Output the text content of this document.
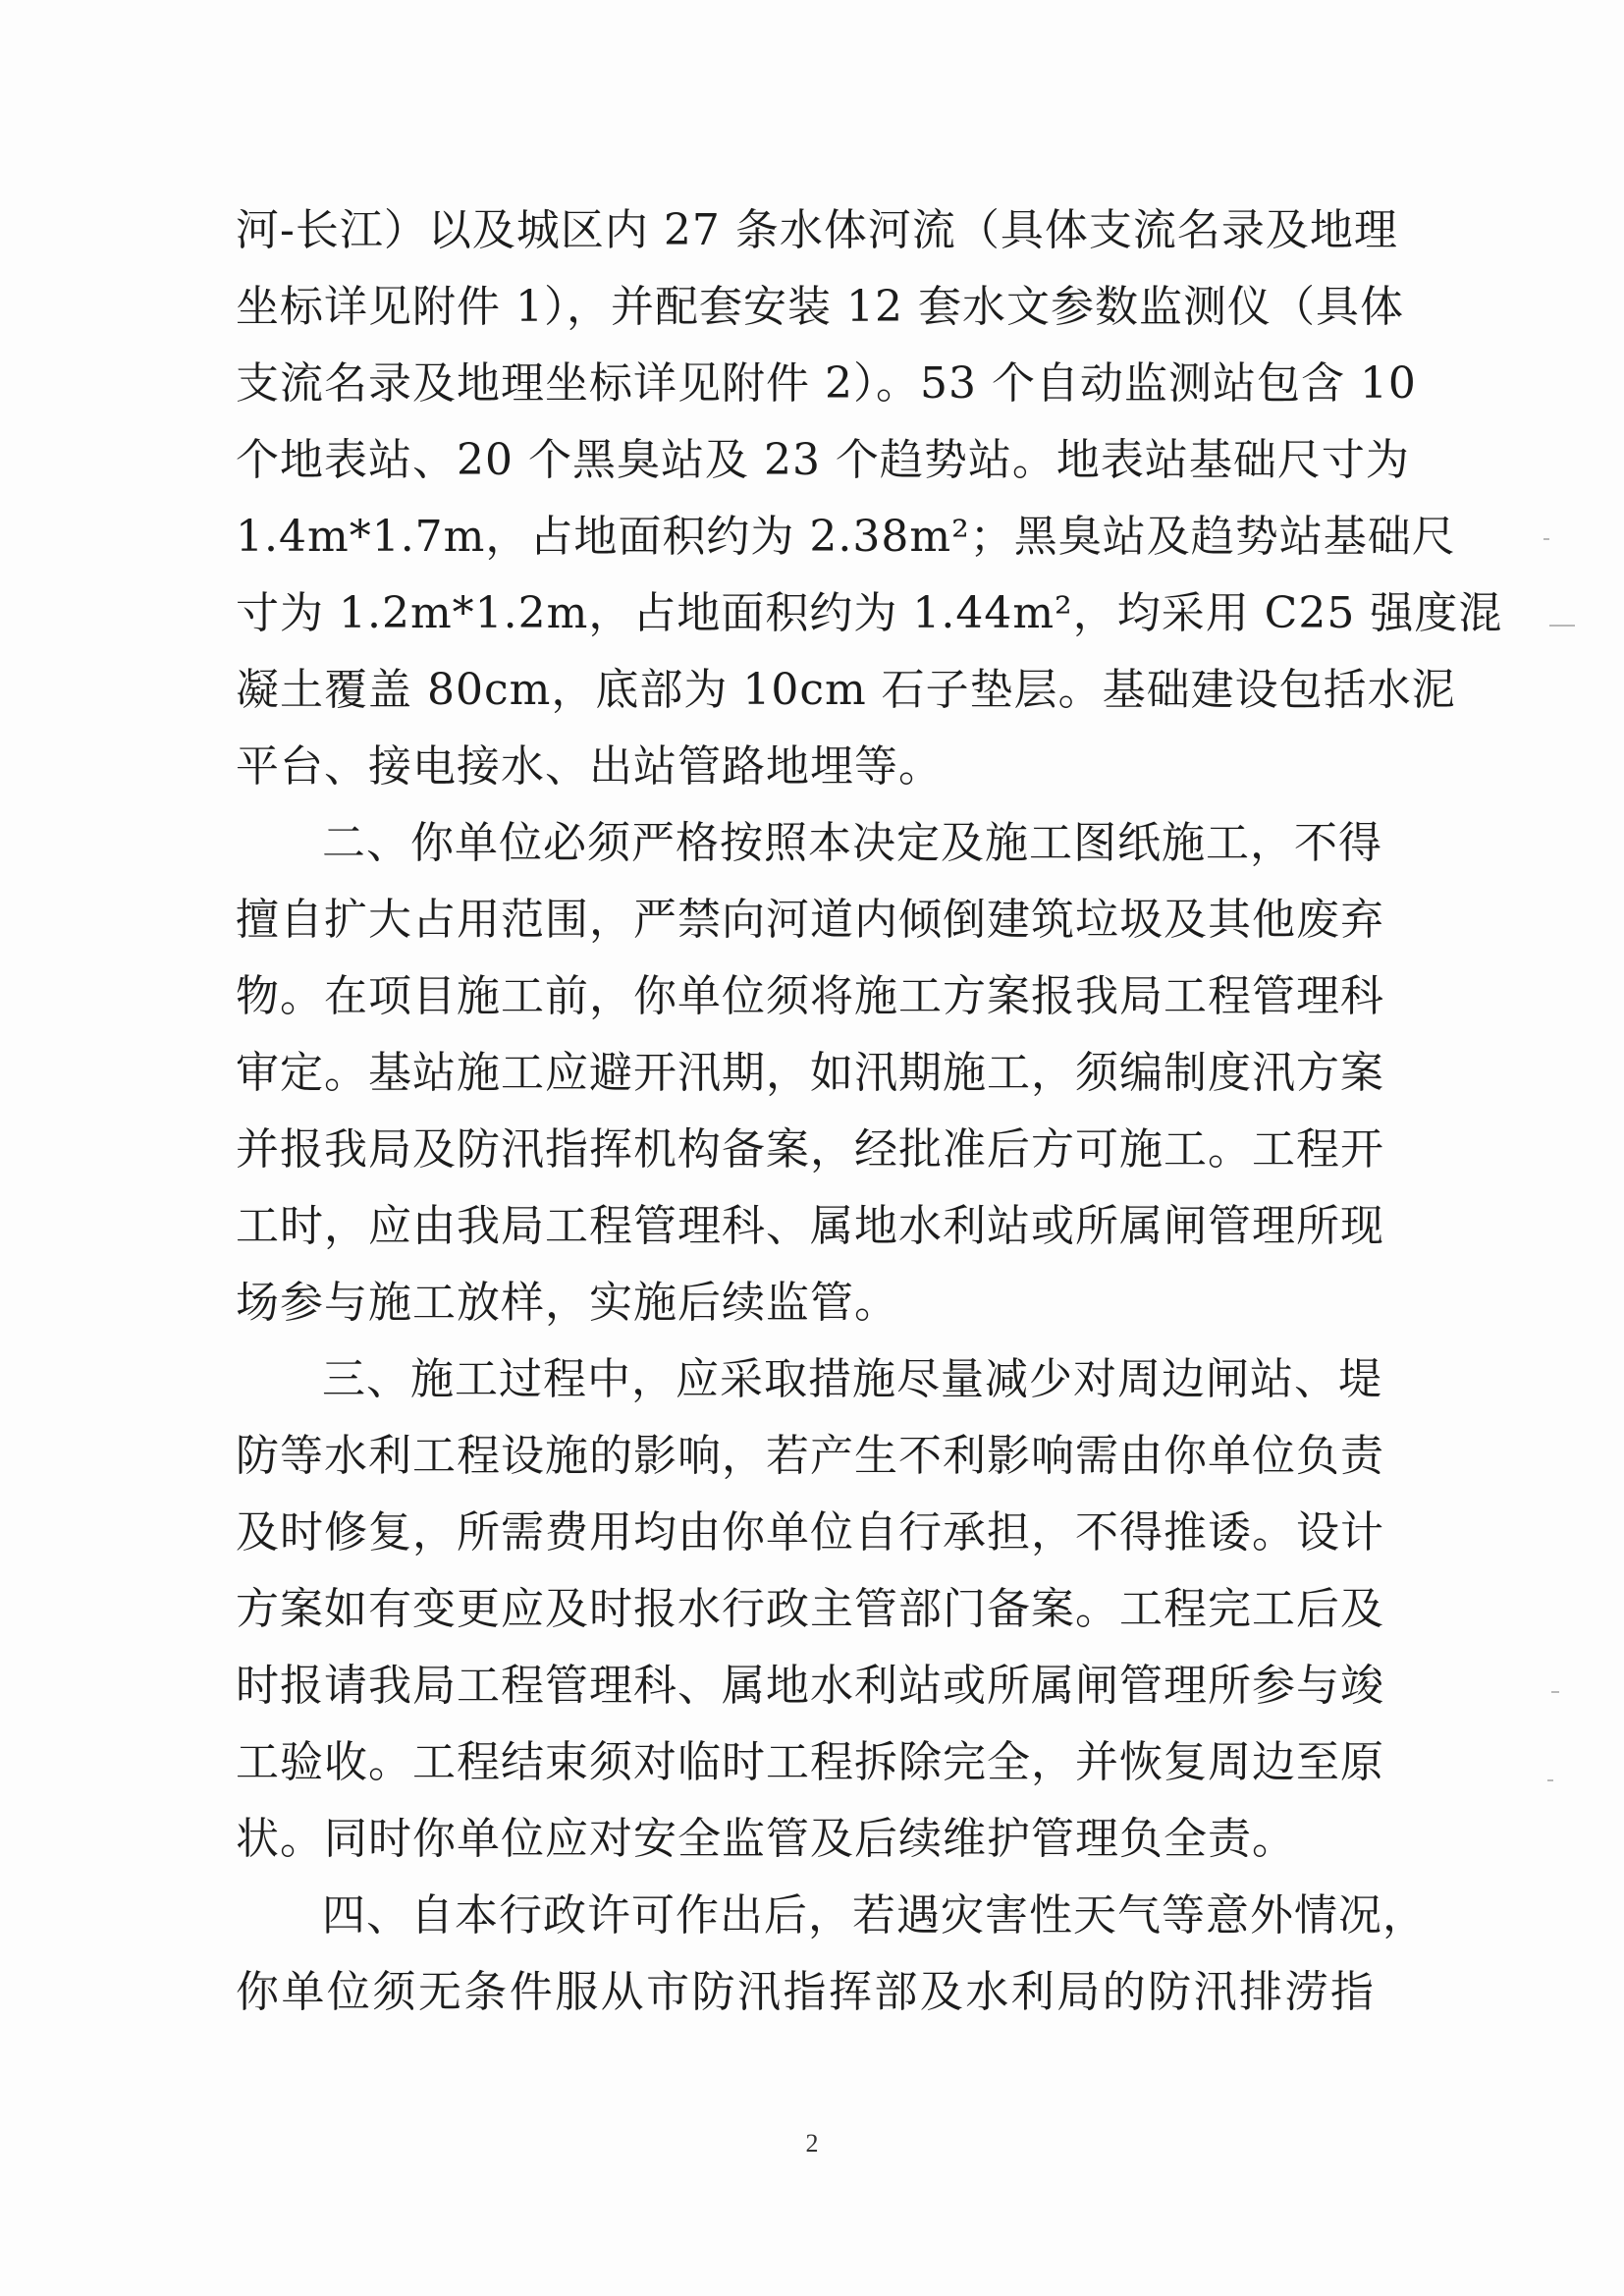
河-长江）以及城区内 27 条水体河流（具体支流名录及地理
坐标详见附件 1），并配套安装 12 套水文参数监测仪（具体
支流名录及地理坐标详见附件 2）。53 个自动监测站包含 10
个地表站、20 个黑臭站及 23 个趋势站。地表站基础尺寸为
1.4m*1.7m，占地面积约为 2.38m²；黑臭站及趋势站基础尺
寸为 1.2m*1.2m，占地面积约为 1.44m²，均采用 C25 强度混
凝土覆盖 80cm，底部为 10cm 石子垫层。基础建设包括水泥
平台、接电接水、出站管路地埋等。
二、你单位必须严格按照本决定及施工图纸施工，不得
擅自扩大占用范围，严禁向河道内倾倒建筑垃圾及其他废弃
物。在项目施工前，你单位须将施工方案报我局工程管理科
审定。基站施工应避开汛期，如汛期施工，须编制度汛方案
并报我局及防汛指挥机构备案，经批准后方可施工。工程开
工时，应由我局工程管理科、属地水利站或所属闸管理所现
场参与施工放样，实施后续监管。
三、施工过程中，应采取措施尽量减少对周边闸站、堤
防等水利工程设施的影响，若产生不利影响需由你单位负责
及时修复，所需费用均由你单位自行承担，不得推诿。设计
方案如有变更应及时报水行政主管部门备案。工程完工后及
时报请我局工程管理科、属地水利站或所属闸管理所参与竣
工验收。工程结束须对临时工程拆除完全，并恢复周边至原
状。同时你单位应对安全监管及后续维护管理负全责。
四、自本行政许可作出后，若遇灾害性天气等意外情况，
你单位须无条件服从市防汛指挥部及水利局的防汛排涝指
2
